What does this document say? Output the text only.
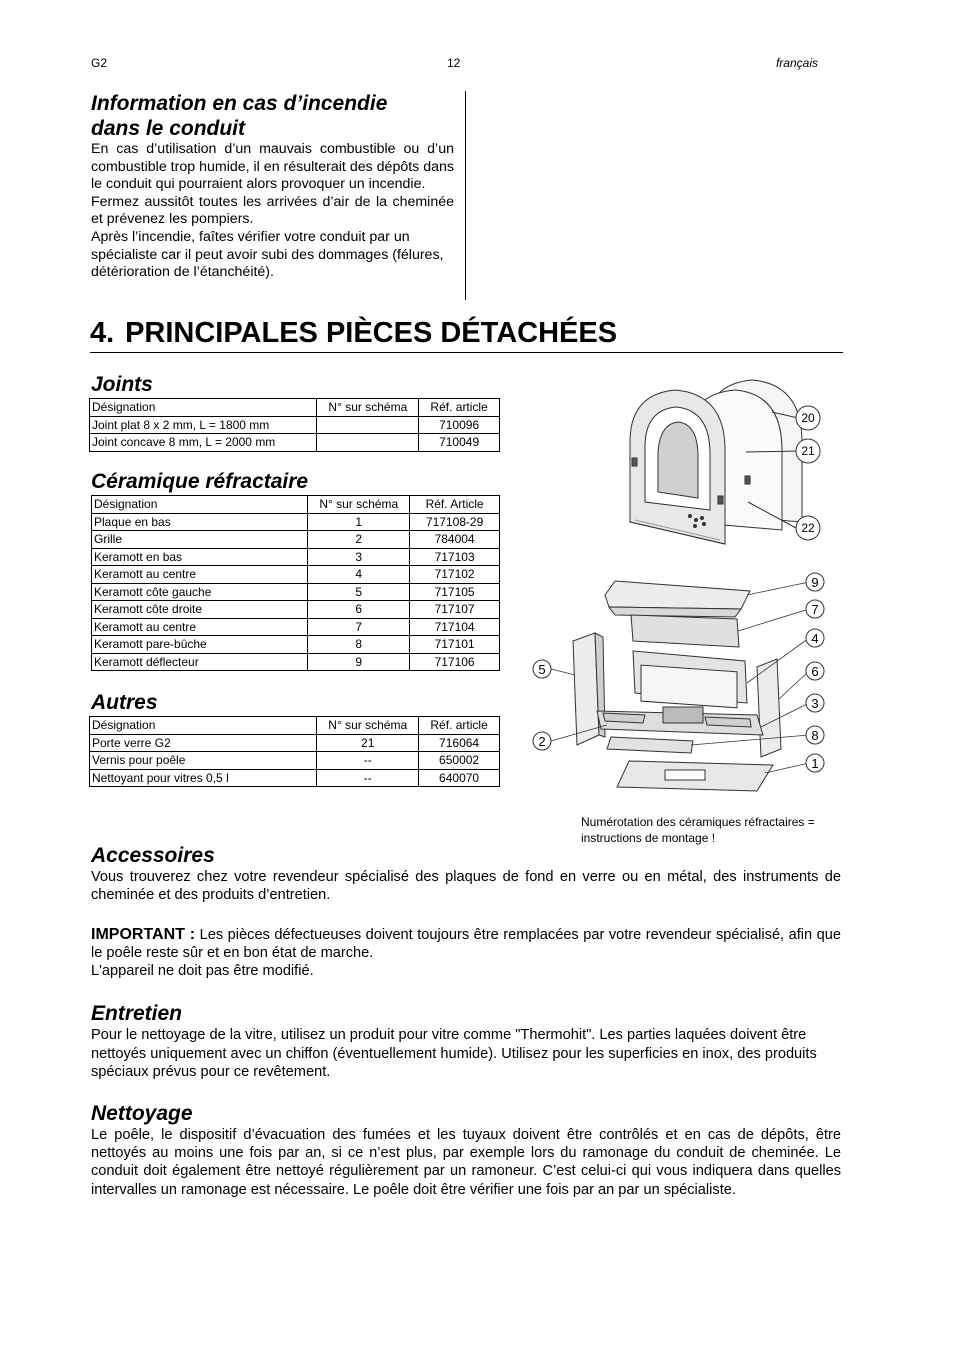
G2	12	français
Information en cas d’incendie
dans le conduit

En cas d’utilisation d’un mauvais combustible ou d’un combustible trop humide, il en résulterait des dépôts dans le conduit qui pourraient alors provoquer un incendie.

Fermez aussitôt toutes les arrivées d’air de la cheminée et prévenez les pompiers.

Après l’incendie, faîtes vérifier votre conduit par un spécialiste car il peut avoir subi des dommages (félures, détérioration de l’étanchéité).

4. PRINCIPALES PIÈCES DÉTACHÉES
Joints
Désignation	N° sur schéma	Réf. article
Joint plat 8 x 2 mm, L = 1800 mm		710096
Joint concave 8 mm, L = 2000 mm		710049
Céramique réfractaire
Désignation	N° sur schéma	Réf. Article
Plaque en bas	1	717108-29
Grille	2	784004
Keramott en bas	3	717103
Keramott au centre	4	717102
Keramott côte gauche	5	717105
Keramott côte droite	6	717107
Keramott au centre	7	717104
Keramott pare-bûche	8	717101
Keramott déflecteur	9	717106
Autres
Désignation	N° sur schéma	Réf. article
Porte verre G2	21	716064
Vernis pour poêle	--	650002
Nettoyant pour vitres 0,5 l	--	640070
20
21
22
9
7
4
5	6
3
2	8
1
Numérotation des céramiques réfractaires =
instructions de montage !
Accessoires

Vous trouverez chez votre revendeur spécialisé des plaques de fond en verre ou en métal, des instruments de cheminée et des produits d’entretien.

IMPORTANT : Les pièces défectueuses doivent toujours être remplacées par votre revendeur spécialisé, afin que le poêle reste sûr et en bon état de marche.

L'appareil ne doit pas être modifié.

Entretien

Pour le nettoyage de la vitre, utilisez un produit pour vitre comme "Thermohit". Les parties laquées doivent être nettoyés uniquement avec un chiffon (éventuellement humide). Utilisez pour les superficies en inox, des produits spéciaux prévus pour ce revêtement.

Nettoyage

Le poêle, le dispositif d’évacuation des fumées et les tuyaux doivent être contrôlés et en cas de dépôts, être nettoyés au moins une fois par an, si ce n’est plus, par exemple lors du ramonage du conduit de cheminée. Le conduit doit également être nettoyé régulièrement par un ramoneur. C’est celui-ci qui vous indiquera dans quelles intervalles un ramonage est nécessaire. Le poêle doit être vérifier une fois par an par un spécialiste.
